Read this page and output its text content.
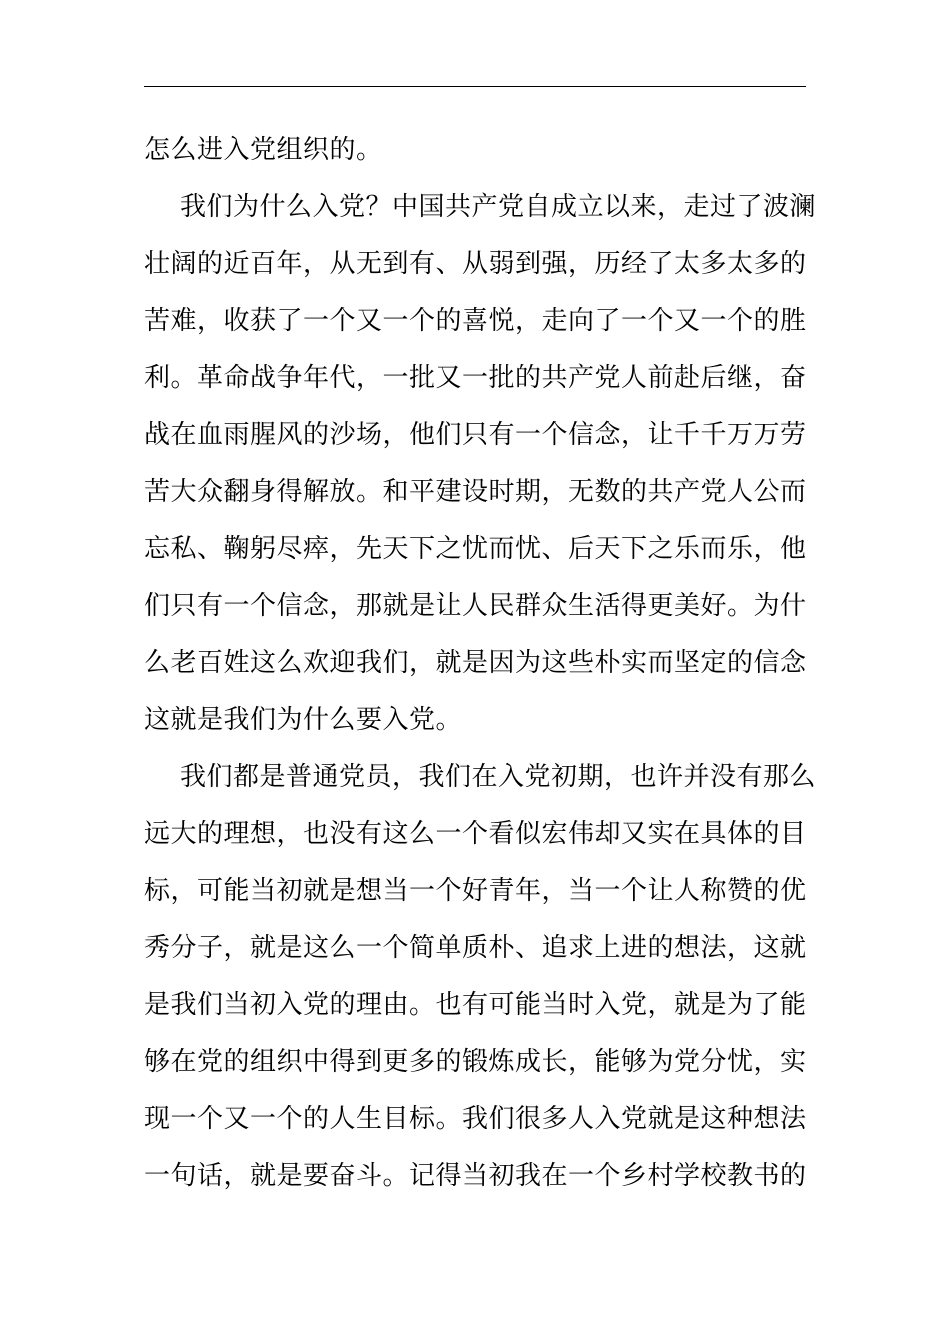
怎么进入党组织的。
我们为什么入党？中国共产党自成立以来，走过了波澜
壮阔的近百年，从无到有、从弱到强，历经了太多太多的
苦难，收获了一个又一个的喜悦，走向了一个又一个的胜
利。革命战争年代，一批又一批的共产党人前赴后继，奋
战在血雨腥风的沙场，他们只有一个信念，让千千万万劳
苦大众翻身得解放。和平建设时期，无数的共产党人公而
忘私、鞠躬尽瘁，先天下之忧而忧、后天下之乐而乐，他
们只有一个信念，那就是让人民群众生活得更美好。为什
么老百姓这么欢迎我们，就是因为这些朴实而坚定的信念
这就是我们为什么要入党。
我们都是普通党员，我们在入党初期，也许并没有那么
远大的理想，也没有这么一个看似宏伟却又实在具体的目
标，可能当初就是想当一个好青年，当一个让人称赞的优
秀分子，就是这么一个简单质朴、追求上进的想法，这就
是我们当初入党的理由。也有可能当时入党，就是为了能
够在党的组织中得到更多的锻炼成长，能够为党分忧，实
现一个又一个的人生目标。我们很多人入党就是这种想法
一句话，就是要奋斗。记得当初我在一个乡村学校教书的
